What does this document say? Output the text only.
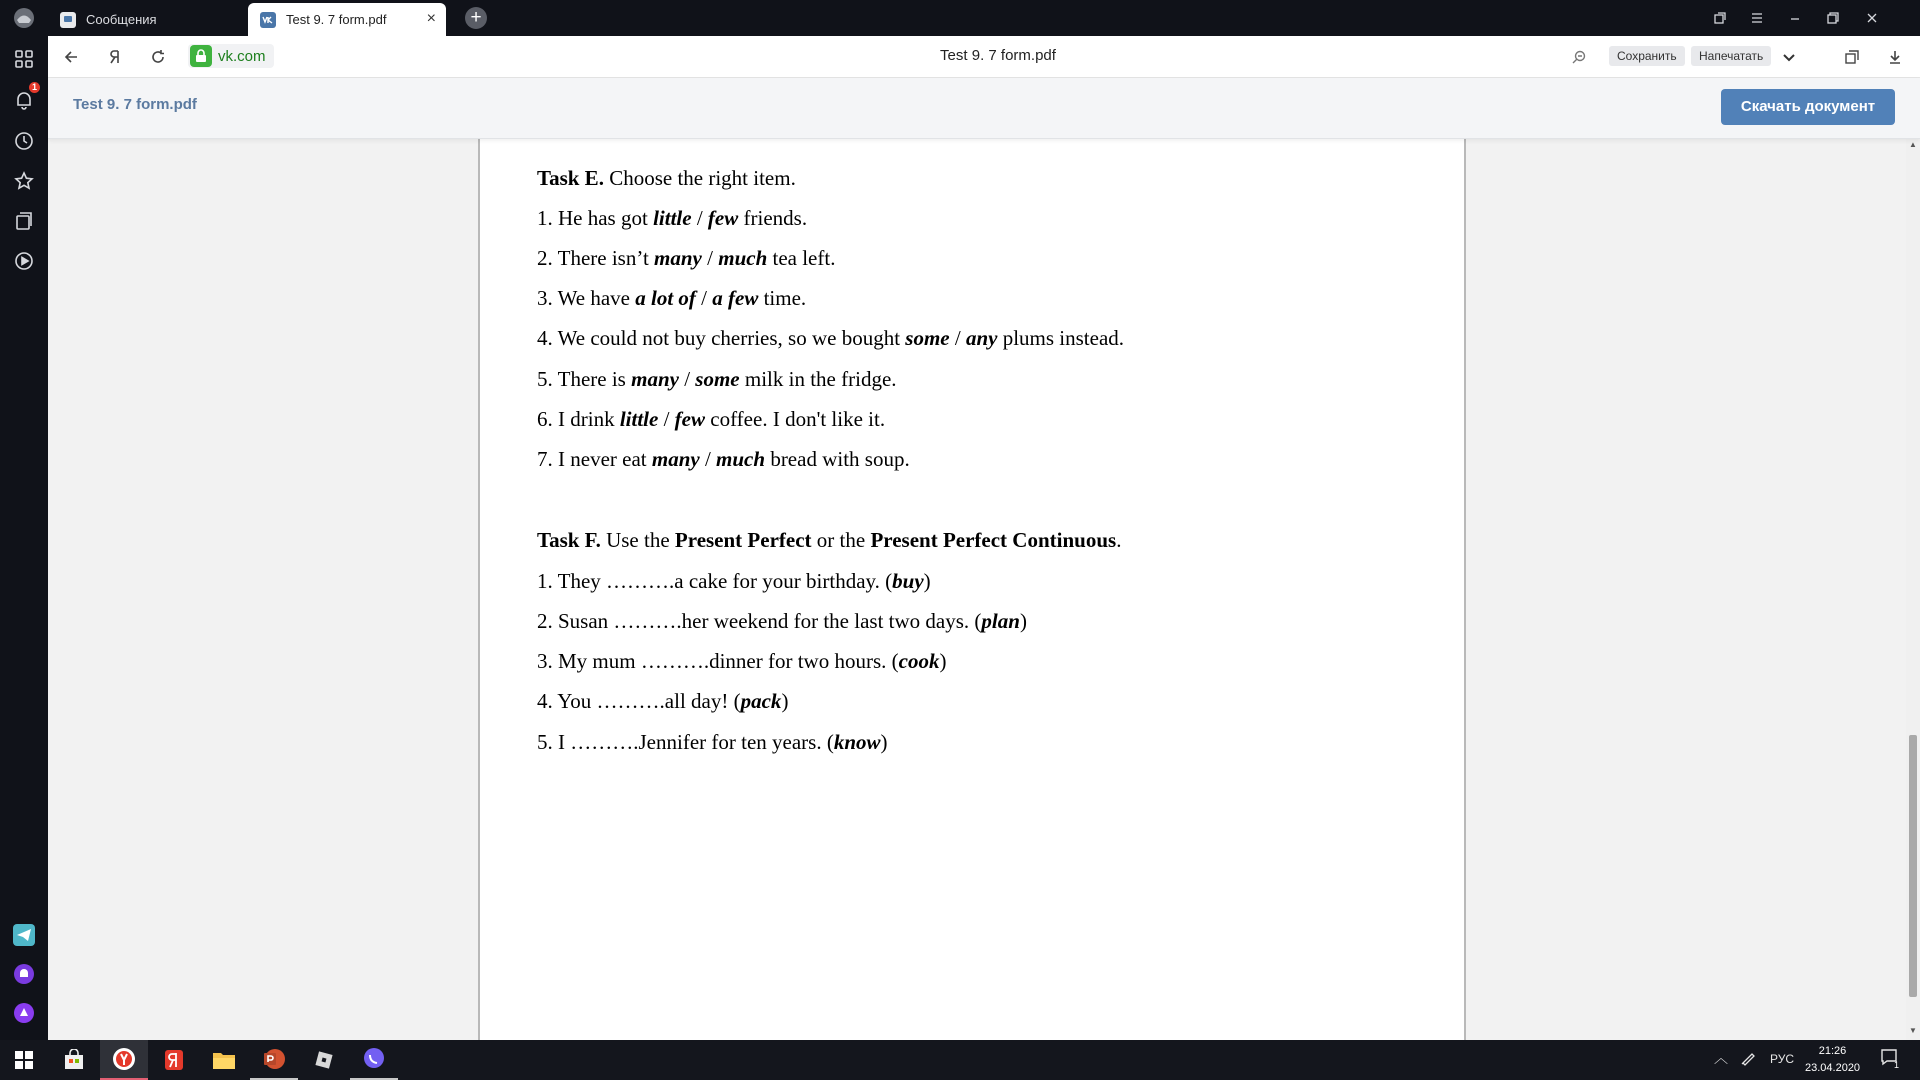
1
Сообщения	Test 9. 7 form.pdf	× +
vk.com	Test 9. 7 form.pdf	Сохранить	Напечатать
Test 9. 7 form.pdf	Скачать документ
Task E. Choose the right item.
1. He has got little / few friends.
2. There isn’t many / much tea left.
3. We have a lot of / a few time.
4. We could not buy cherries, so we bought some / any plums instead.
5. There is many / some milk in the fridge.
6. I drink little / few coffee. I don't like it.
7. I never eat many / much bread with soup.
Task F. Use the Present Perfect or the Present Perfect Continuous.
1. They ……….a cake for your birthday. (buy)
2. Susan ……….her weekend for the last two days. (plan)
3. My mum ……….dinner for two hours. (cook)
4. You ……….all day! (pack)
5. I ……….Jennifer for ten years. (know)
▲
▼
︿	РУС
21:26
23.04.2020	1
